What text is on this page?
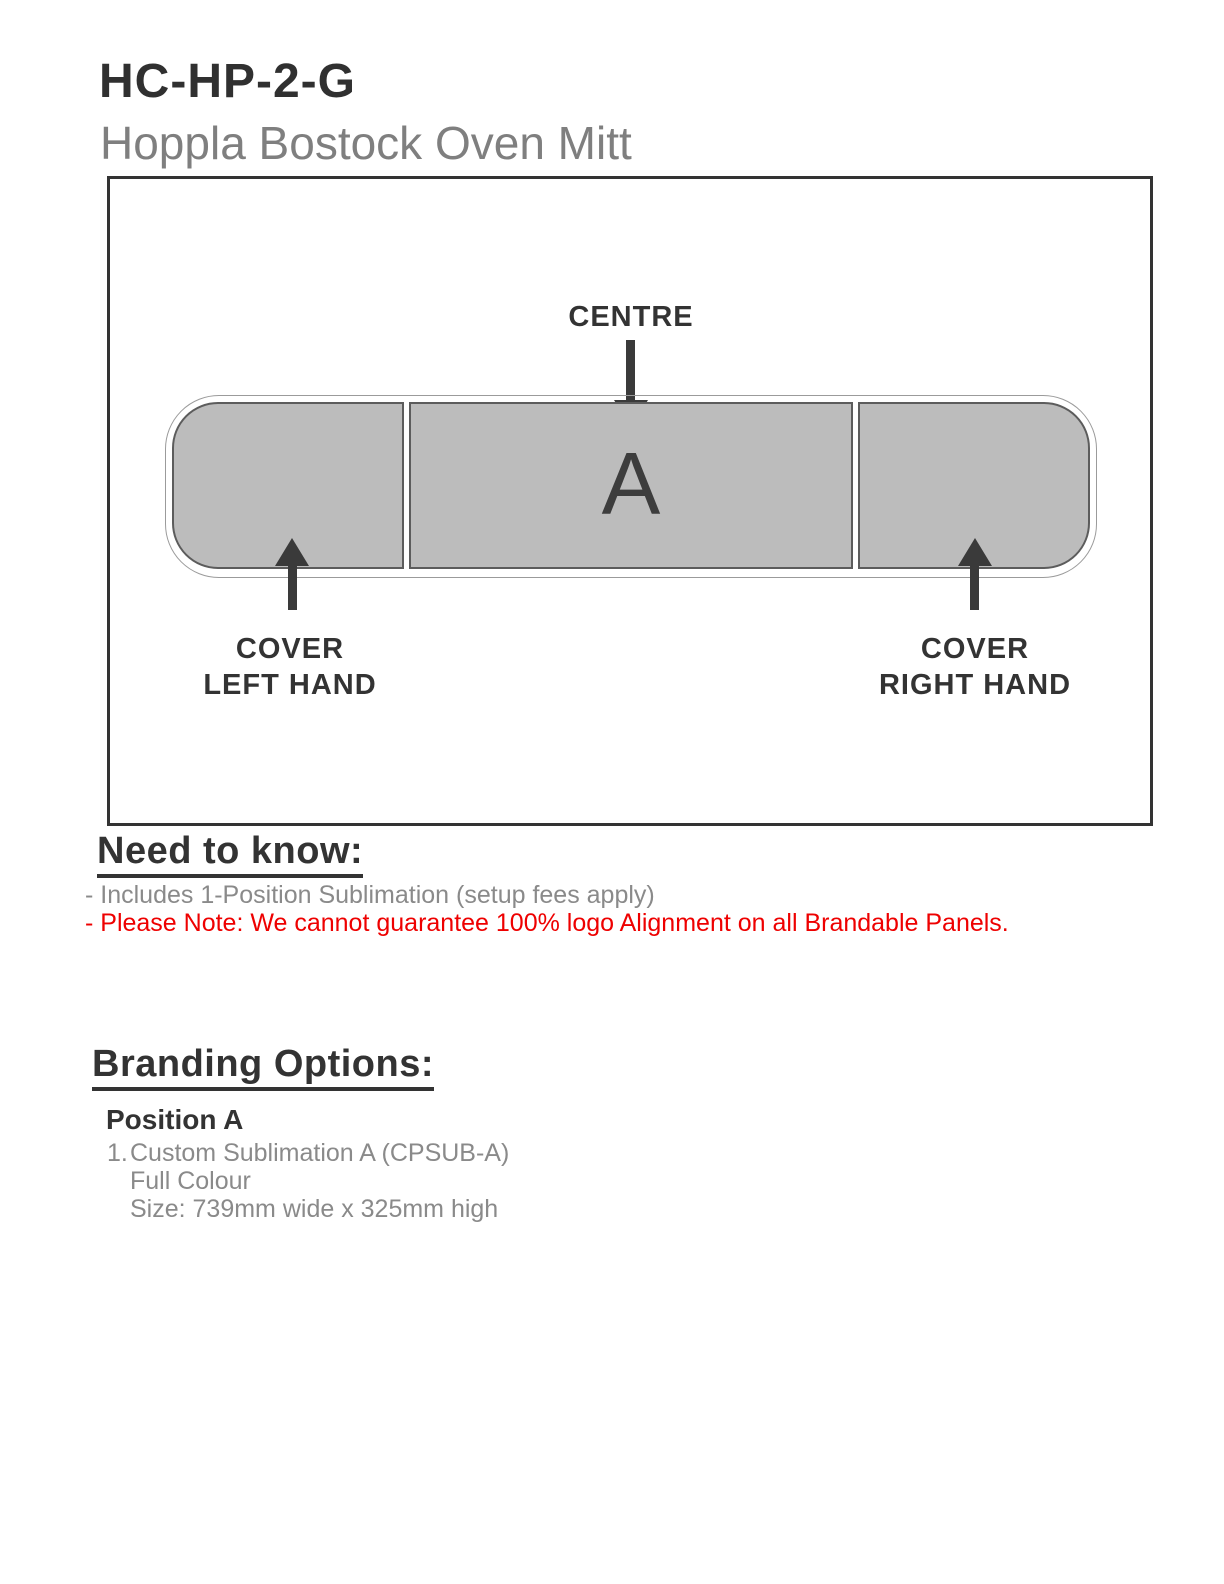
HC-HP-2-G
Hoppla Bostock Oven Mitt
CENTRE
A
COVER
LEFT HAND
COVER
RIGHT HAND
Need to know:
- Includes 1-Position Sublimation (setup fees apply)
- Please Note: We cannot guarantee 100% logo Alignment on all Brandable Panels.
Branding Options:
Position A
1. Custom Sublimation A (CPSUB-A)
Full Colour
Size: 739mm wide x 325mm high
